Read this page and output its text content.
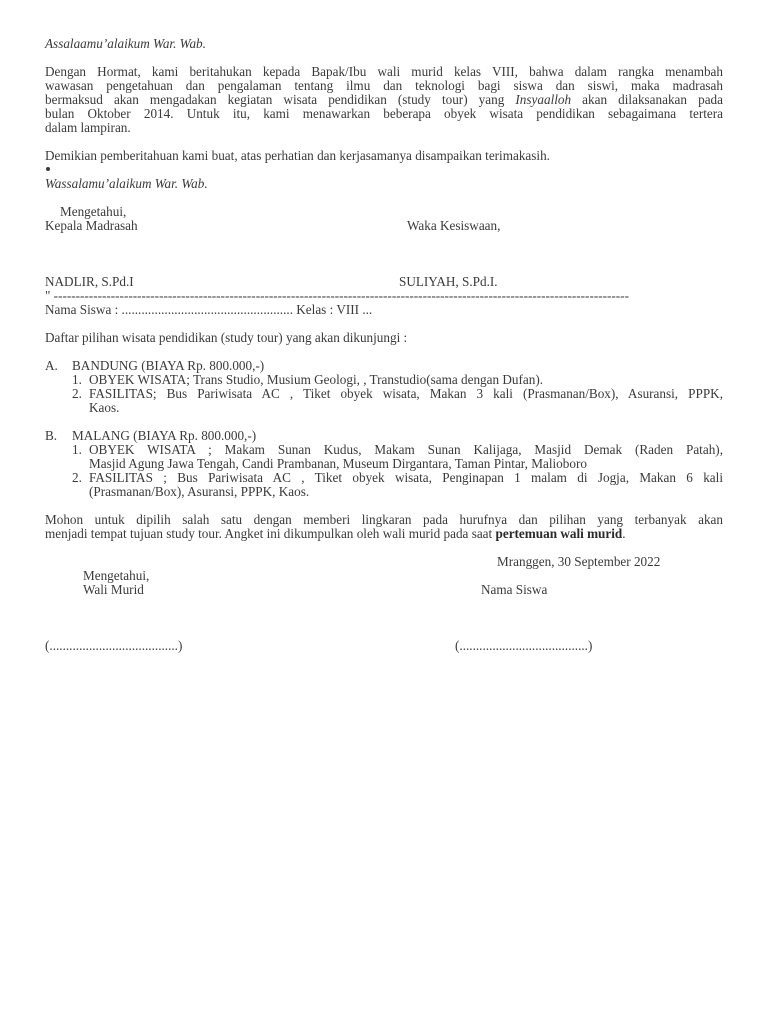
Assalaamu’alaikum War. Wab.
Dengan Hormat, kami beritahukan kepada Bapak/Ibu wali murid kelas VIII, bahwa dalam rangka menambah
wawasan pengetahuan dan pengalaman tentang ilmu dan teknologi bagi siswa dan siswi, maka madrasah
bermaksud akan mengadakan kegiatan wisata pendidikan (study tour) yang Insyaalloh akan dilaksanakan pada
bulan Oktober 2014. Untuk itu, kami menawarkan beberapa obyek wisata pendidikan sebagaimana tertera
dalam lampiran.
Demikian pemberitahuan kami buat, atas perhatian dan kerjasamanya disampaikan terimakasih.
Wassalamu’alaikum War. Wab.
Mengetahui,
Kepala Madrasah	Waka Kesiswaan,
NADLIR, S.Pd.I	SULIYAH, S.Pd.I.
" -----------------------------------------------------------------------------------------------------------------------------------
Nama Siswa : .................................................... Kelas : VIII ...
Daftar pilihan wisata pendidikan (study tour) yang akan dikunjungi :
A. BANDUNG (BIAYA Rp. 800.000,-)
1. OBYEK WISATA; Trans Studio, Musium Geologi, , Transtudio(sama dengan Dufan).
2. FASILITAS; Bus Pariwisata AC , Tiket obyek wisata, Makan 3 kali (Prasmanan/Box), Asuransi, PPPK,
Kaos.
B. MALANG (BIAYA Rp. 800.000,-)
1. OBYEK WISATA ; Makam Sunan Kudus, Makam Sunan Kalijaga, Masjid Demak (Raden Patah),
Masjid Agung Jawa Tengah, Candi Prambanan, Museum Dirgantara, Taman Pintar, Malioboro
2. FASILITAS ; Bus Pariwisata AC , Tiket obyek wisata, Penginapan 1 malam di Jogja, Makan 6 kali
(Prasmanan/Box), Asuransi, PPPK, Kaos.
Mohon untuk dipilih salah satu dengan memberi lingkaran pada hurufnya dan pilihan yang terbanyak akan
menjadi tempat tujuan study tour. Angket ini dikumpulkan oleh wali murid pada saat pertemuan wali murid.
Mranggen, 30 September 2022
Mengetahui,
Wali Murid	Nama Siswa
(.......................................)	(.......................................)
